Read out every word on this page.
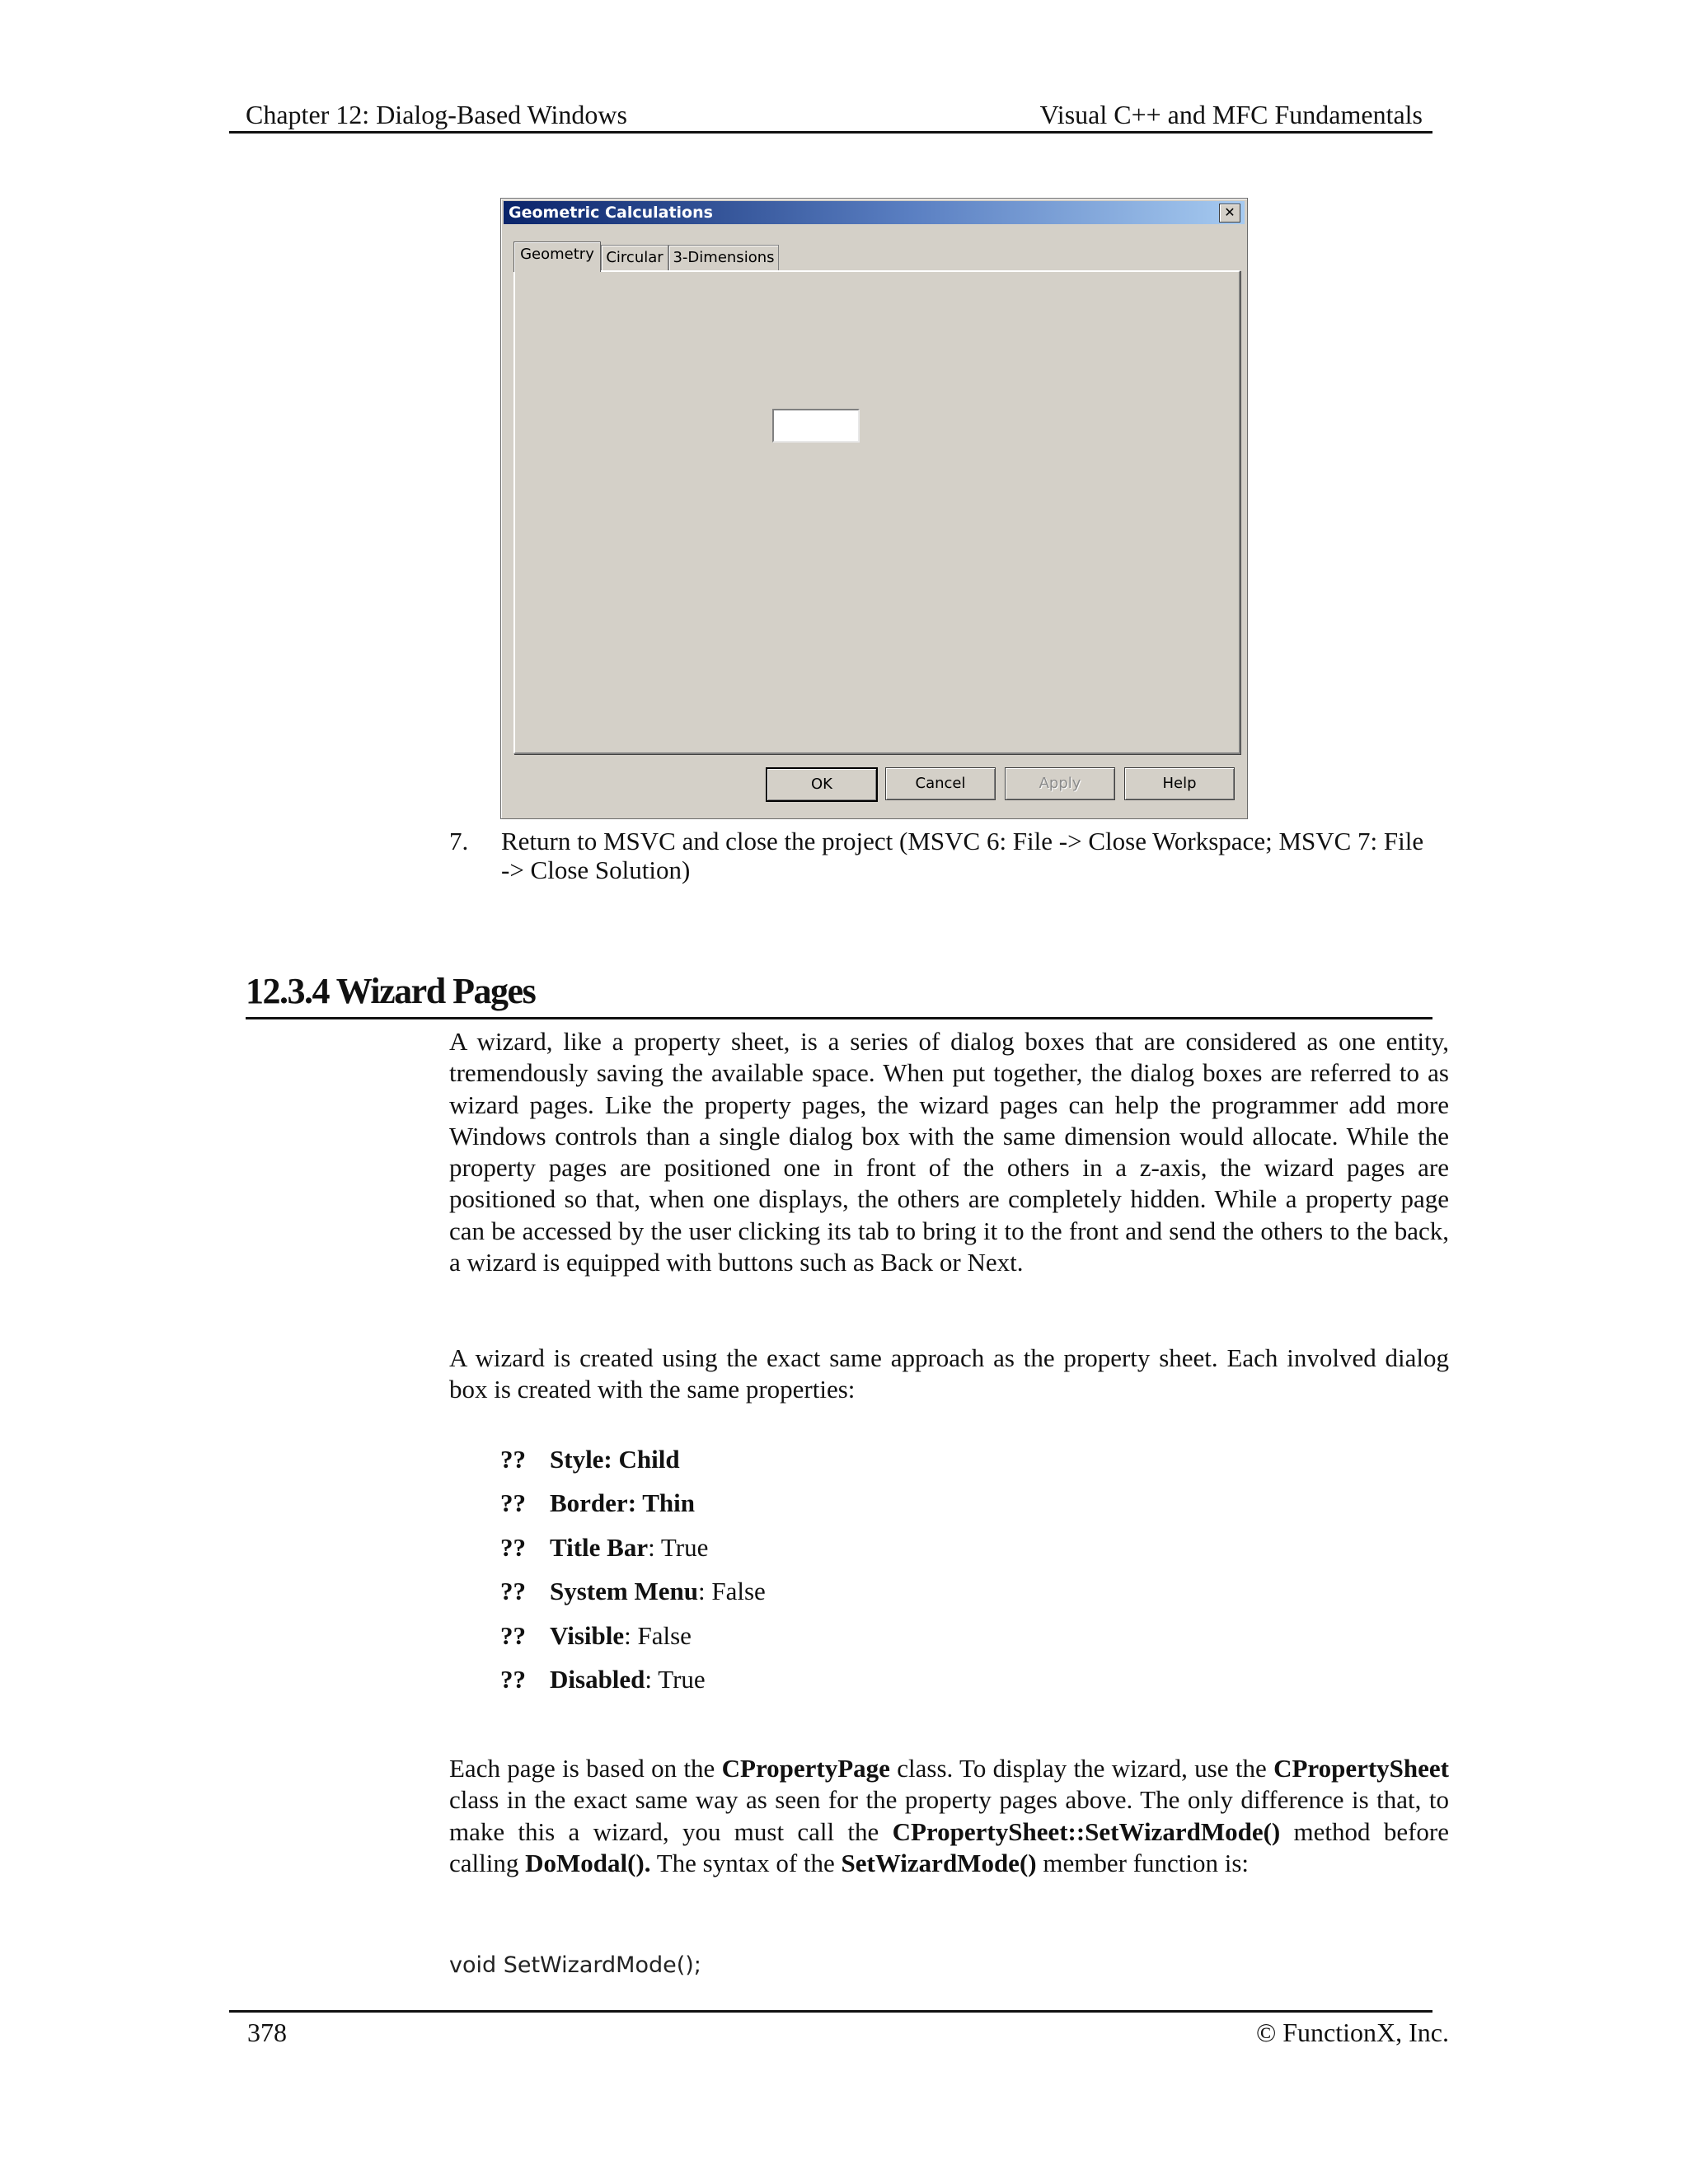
Chapter 12: Dialog-Based Windows	Visual C++ and MFC Fundamentals
Geometric Calculations	✕
Geometry Circular 3-Dimensions
OK	Cancel	Apply	Help
7. Return to MSVC and close the project (MSVC 6: File -> Close Workspace; MSVC 7: File -> Close Solution)
12.3.4 Wizard Pages
A wizard, like a property sheet, is a series of dialog boxes that are considered as one entity, tremendously saving the available space. When put together, the dialog boxes are referred to as wizard pages. Like the property pages, the wizard pages can help the programmer add more Windows controls than a single dialog box with the same dimension would allocate. While the property pages are positioned one in front of the others in a z-axis, the wizard pages are positioned so that, when one displays, the others are completely hidden. While a property page can be accessed by the user clicking its tab to bring it to the front and send the others to the back, a wizard is equipped with buttons such as Back or Next.
A wizard is created using the exact same approach as the property sheet. Each involved dialog box is created with the same properties:
?? Style: Child
?? Border: Thin
?? Title Bar: True
?? System Menu: False
?? Visible: False
?? Disabled: True
Each page is based on the CPropertyPage class. To display the wizard, use the CPropertySheet class in the exact same way as seen for the property pages above. The only difference is that, to make this a wizard, you must call the CPropertySheet::SetWizardMode() method before calling DoModal(). The syntax of the SetWizardMode() member function is:
void SetWizardMode();
378	© FunctionX, Inc.
